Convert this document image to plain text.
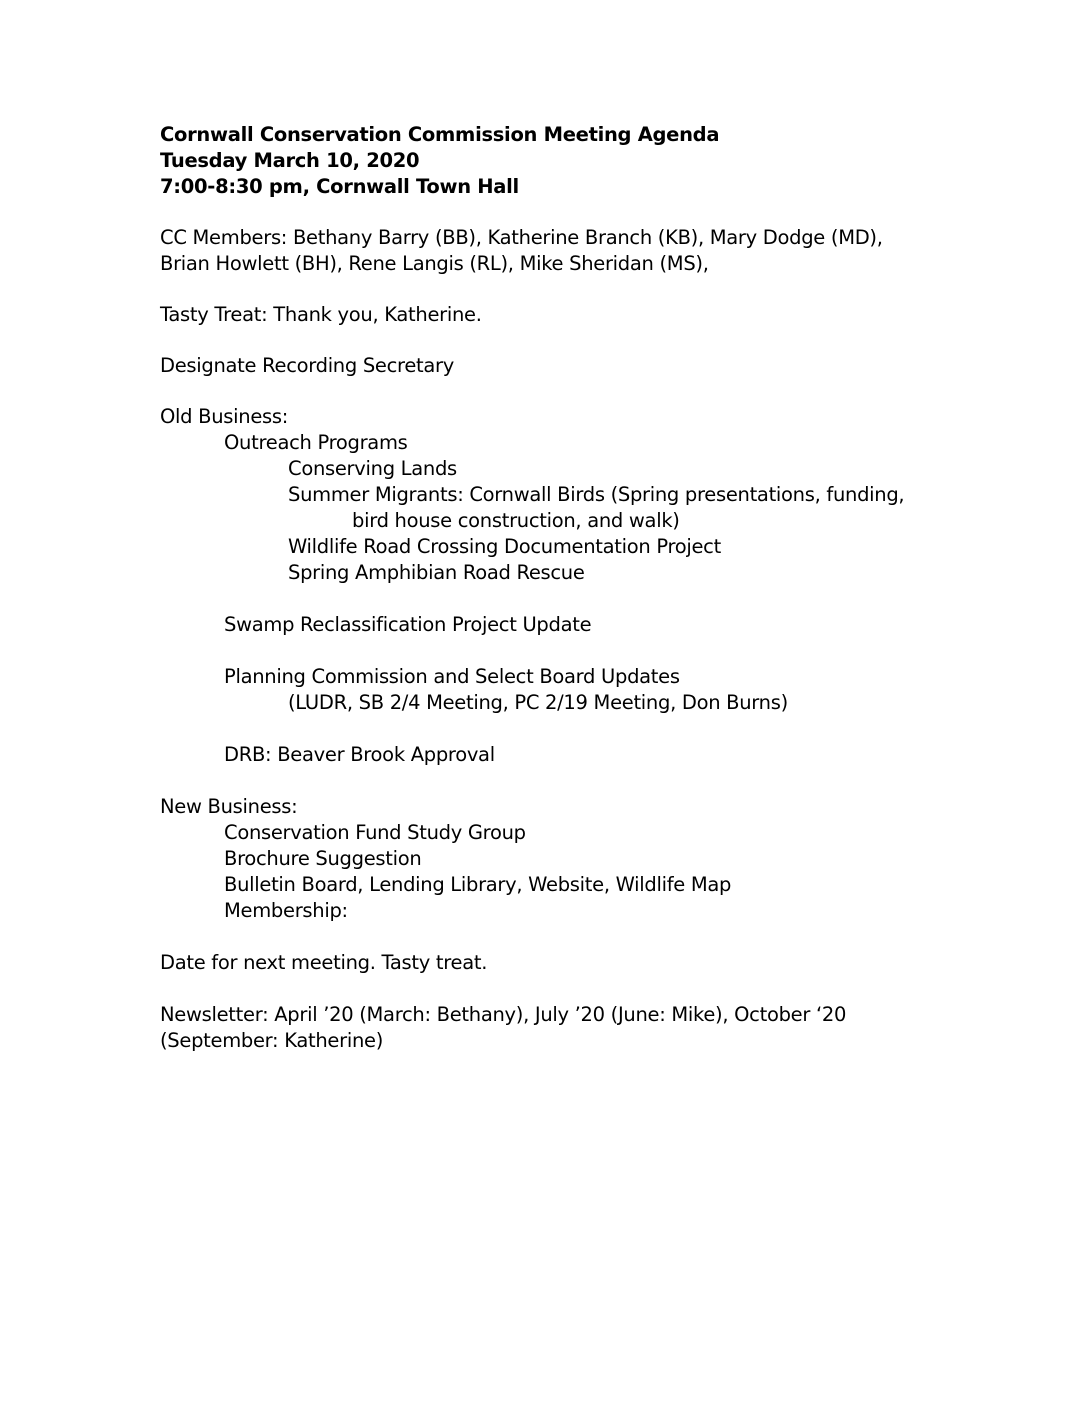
Cornwall Conservation Commission Meeting Agenda
Tuesday March 10, 2020
7:00-8:30 pm, Cornwall Town Hall
CC Members: Bethany Barry (BB), Katherine Branch (KB), Mary Dodge (MD),
Brian Howlett (BH), Rene Langis (RL), Mike Sheridan (MS),
Tasty Treat: Thank you, Katherine.
Designate Recording Secretary
Old Business:
Outreach Programs
Conserving Lands
Summer Migrants: Cornwall Birds (Spring presentations, funding,
bird house construction, and walk)
Wildlife Road Crossing Documentation Project
Spring Amphibian Road Rescue
Swamp Reclassification Project Update
Planning Commission and Select Board Updates
(LUDR, SB 2/4 Meeting, PC 2/19 Meeting, Don Burns)
DRB: Beaver Brook Approval
New Business:
Conservation Fund Study Group
Brochure Suggestion
Bulletin Board, Lending Library, Website, Wildlife Map
Membership:
Date for next meeting. Tasty treat.
Newsletter: April ’20 (March: Bethany), July ’20 (June: Mike), October ‘20
(September: Katherine)
